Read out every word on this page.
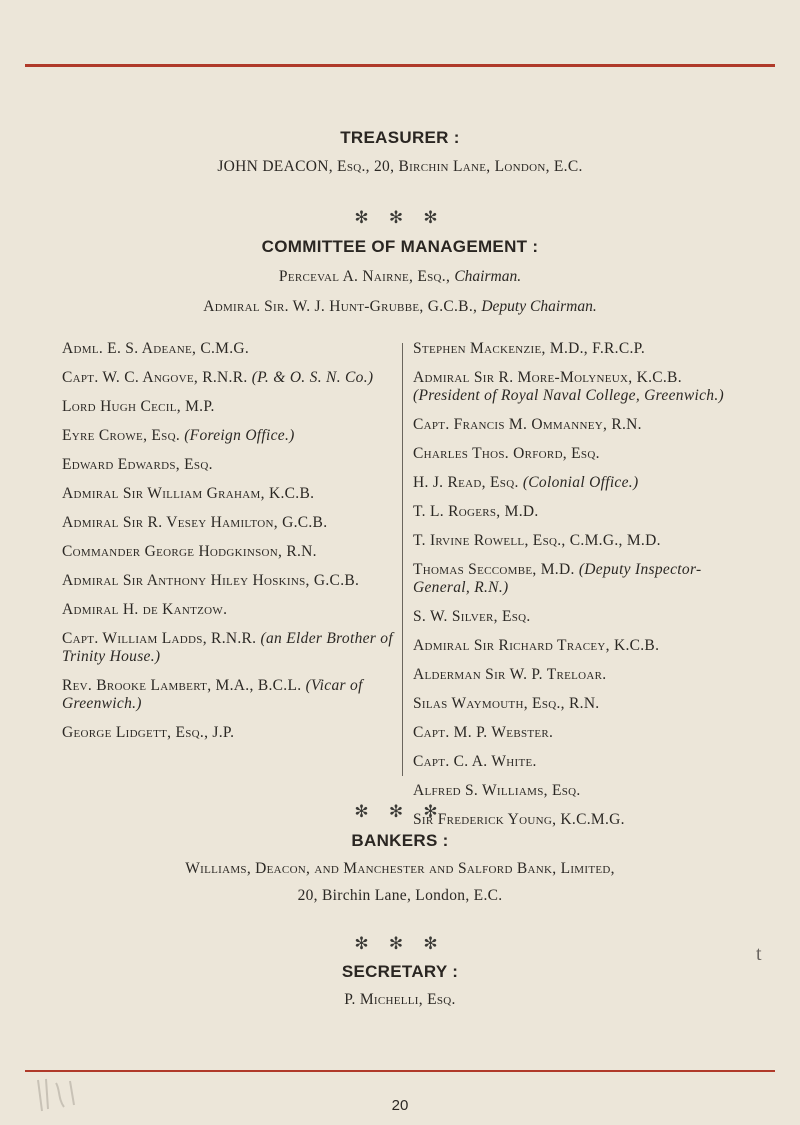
TREASURER :
JOHN DEACON, Esq., 20, Birchin Lane, London, E.C.
✻ ✻ ✻
COMMITTEE OF MANAGEMENT :
Perceval A. Nairne, Esq., Chairman.
Admiral Sir. W. J. Hunt-Grubbe, G.C.B., Deputy Chairman.
Adml. E. S. Adeane, C.M.G.
Capt. W. C. Angove, R.N.R. (P. & O. S. N. Co.)
Lord Hugh Cecil, M.P.
Eyre Crowe, Esq. (Foreign Office.)
Edward Edwards, Esq.
Admiral Sir William Graham, K.C.B.
Admiral Sir R. Vesey Hamilton, G.C.B.
Commander George Hodgkinson, R.N.
Admiral Sir Anthony Hiley Hoskins, G.C.B.
Admiral H. de Kantzow.
Capt. William Ladds, R.N.R. (an Elder Brother of Trinity House.)
Rev. Brooke Lambert, M.A., B.C.L. (Vicar of Greenwich.)
George Lidgett, Esq., J.P.
Stephen Mackenzie, M.D., F.R.C.P.
Admiral Sir R. More-Molyneux, K.C.B. (President of Royal Naval College, Greenwich.)
Capt. Francis M. Ommanney, R.N.
Charles Thos. Orford, Esq.
H. J. Read, Esq. (Colonial Office.)
T. L. Rogers, M.D.
T. Irvine Rowell, Esq., C.M.G., M.D.
Thomas Seccombe, M.D. (Deputy Inspector-General, R.N.)
S. W. Silver, Esq.
Admiral Sir Richard Tracey, K.C.B.
Alderman Sir W. P. Treloar.
Silas Waymouth, Esq., R.N.
Capt. M. P. Webster.
Capt. C. A. White.
Alfred S. Williams, Esq.
Sir Frederick Young, K.C.M.G.
✻ ✻ ✻
BANKERS :
Williams, Deacon, and Manchester and Salford Bank, Limited,
20, Birchin Lane, London, E.C.
✻ ✻ ✻
SECRETARY :
P. Michelli, Esq.
t
20
